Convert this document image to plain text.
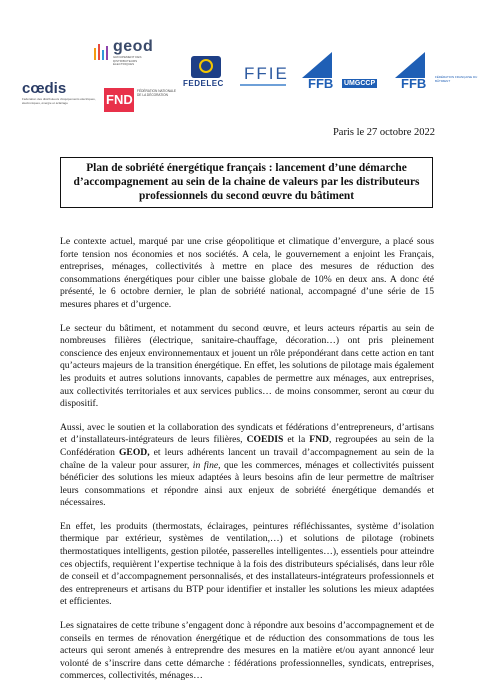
geod
GROUPEMENT DES DISTRIBUTEURS ÉLECTRIQUES
cœdis
Fédération des distributeurs d'équipements électriques, électroniques, énergie et éclairage	FND
FÉDÉRATION NATIONALE DE LA DÉCORATION
FEDELEC
FFIE
FFB UMGCCP FFB	FÉDÉRATION FRANÇAISE DU BÂTIMENT
Paris le 27 octobre 2022
Plan de sobriété énergétique français : lancement d’une démarche d’accompagnement au sein de la chaine de valeurs par les distributeurs professionnels du second œuvre du bâtiment

Le contexte actuel, marqué par une crise géopolitique et climatique d’envergure, a placé sous forte tension nos économies et nos sociétés. A cela, le gouvernement a enjoint les Français, entreprises, ménages, collectivités à mettre en place des mesures de réduction des consommations énergétiques pour cibler une baisse globale de 10% en deux ans. A donc été présenté, le 6 octobre dernier, le plan de sobriété national, accompagné d’une série de 15 mesures phares et d’urgence.

Le secteur du bâtiment, et notamment du second œuvre, et leurs acteurs répartis au sein de nombreuses filières (électrique, sanitaire-chauffage, décoration…) ont pris pleinement conscience des enjeux environnementaux et jouent un rôle prépondérant dans cette action en tant qu’acteurs majeurs de la transition énergétique. En effet, les solutions de pilotage mais également les produits et autres solutions innovants, capables de permettre aux ménages, aux entreprises, aux collectivités territoriales et aux services publics… de moins consommer, seront au cœur du dispositif.

Aussi, avec le soutien et la collaboration des syndicats et fédérations d’entrepreneurs, d’artisans et d’installateurs-intégrateurs de leurs filières, COEDIS et la FND, regroupées au sein de la Confédération GEOD, et leurs adhérents lancent un travail d’accompagnement au sein de la chaîne de la valeur pour assurer, in fine, que les commerces, ménages et collectivités puissent bénéficier des solutions les mieux adaptées à leurs besoins afin de leur permettre de maîtriser leurs consommations et répondre ainsi aux enjeux de sobriété énergétique demandés et nécessaires.

En effet, les produits (thermostats, éclairages, peintures réfléchissantes, système d’isolation thermique par extérieur, systèmes de ventilation,…) et solutions de pilotage (robinets thermostatiques intelligents, gestion pilotée, passerelles intelligentes…), essentiels pour atteindre ces objectifs, requièrent l’expertise technique à la fois des distributeurs spécialisés, dans leur rôle de conseil et d’accompagnement personnalisés, et des installateurs-intégrateurs professionnels et des entrepreneurs et artisans du BTP pour identifier et installer les solutions les mieux adaptées et efficientes.

Les signataires de cette tribune s’engagent donc à répondre aux besoins d’accompagnement et de conseils en termes de rénovation énergétique et de réduction des consommations de tous les acteurs qui seront amenés à entreprendre des mesures en la matière et/ou ayant annoncé leur volonté de s’inscrire dans cette démarche : fédérations professionnelles, syndicats, entreprises, commerces, collectivités, ménages…
